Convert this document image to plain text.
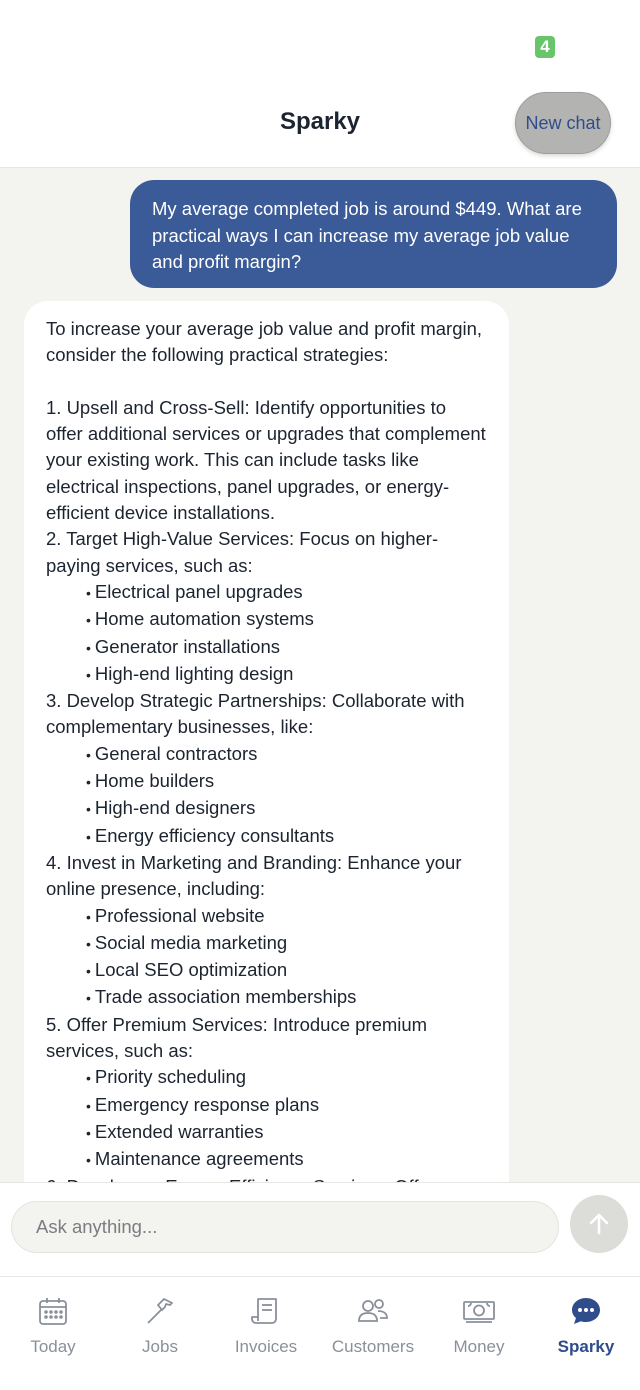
4
Sparky	New chat
My average completed job is around $449. What are practical ways I can increase my average job value and profit margin?

To increase your average job value and profit margin, consider the following practical strategies:

1. Upsell and Cross-Sell: Identify opportunities to offer additional services or upgrades that complement your existing work. This can include tasks like electrical inspections, panel upgrades, or energy-efficient device installations.

2. Target High-Value Services: Focus on higher-paying services, such as:

• Electrical panel upgrades
• Home automation systems
• Generator installations
• High-end lighting design

3. Develop Strategic Partnerships: Collaborate with complementary businesses, like:

• General contractors
• Home builders
• High-end designers
• Energy efficiency consultants

4. Invest in Marketing and Branding: Enhance your online presence, including:

• Professional website
• Social media marketing
• Local SEO optimization
• Trade association memberships

5. Offer Premium Services: Introduce premium services, such as:

• Priority scheduling
• Emergency response plans
• Extended warranties
• Maintenance agreements

Ask anything...
Today	Jobs	Invoices	Customers	Money	Sparky
